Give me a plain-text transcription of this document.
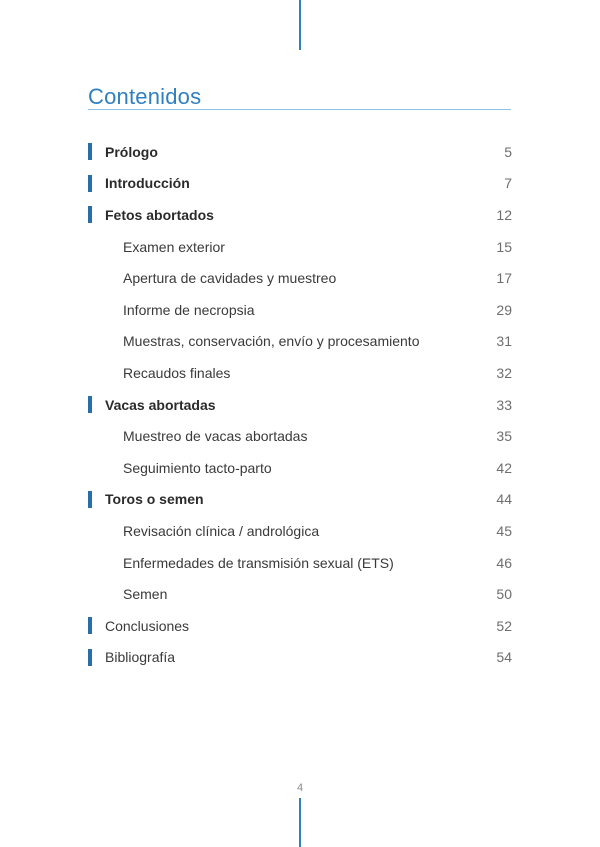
Contenidos
Prólogo	5
Introducción	7
Fetos abortados	12
Examen exterior	15
Apertura de cavidades y muestreo	17
Informe de necropsia	29
Muestras, conservación, envío y procesamiento	31
Recaudos finales	32
Vacas abortadas	33
Muestreo de vacas abortadas	35
Seguimiento tacto-parto	42
Toros o semen	44
Revisación clínica / andrológica	45
Enfermedades de transmisión sexual (ETS)	46
Semen	50
Conclusiones	52
Bibliografía	54
4
